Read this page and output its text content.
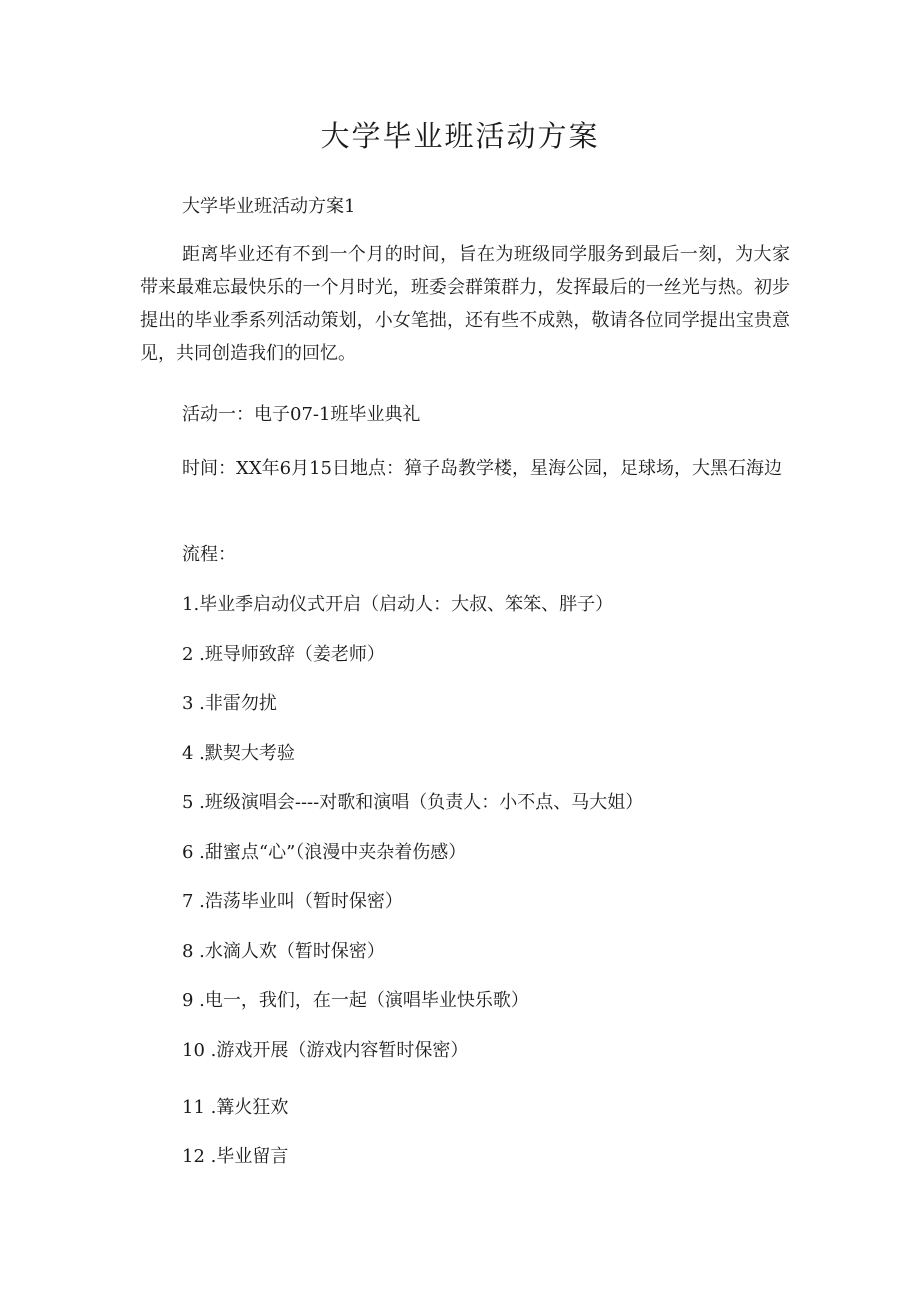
大学毕业班活动方案

大学毕业班活动方案1

距离毕业还有不到一个月的时间，旨在为班级同学服务到最后一刻，为大家带来最难忘最快乐的一个月时光，班委会群策群力，发挥最后的一丝光与热。初步提出的毕业季系列活动策划，小女笔拙，还有些不成熟，敬请各位同学提出宝贵意见，共同创造我们的回忆。

活动一：电子07-1班毕业典礼

时间：XX年6月15日地点：獐子岛教学楼，星海公园，足球场，大黑石海边

流程：

1.毕业季启动仪式开启（启动人：大叔、笨笨、胖子）

2 .班导师致辞（姜老师）

3 .非雷勿扰

4 .默契大考验

5 .班级演唱会----对歌和演唱（负责人：小不点、马大姐）

6 .甜蜜点“心”（浪漫中夹杂着伤感）

7 .浩荡毕业叫（暂时保密）

8 .水滴人欢（暂时保密）

9 .电一，我们，在一起（演唱毕业快乐歌）

10 .游戏开展（游戏内容暂时保密）

11 .篝火狂欢

12 .毕业留言
